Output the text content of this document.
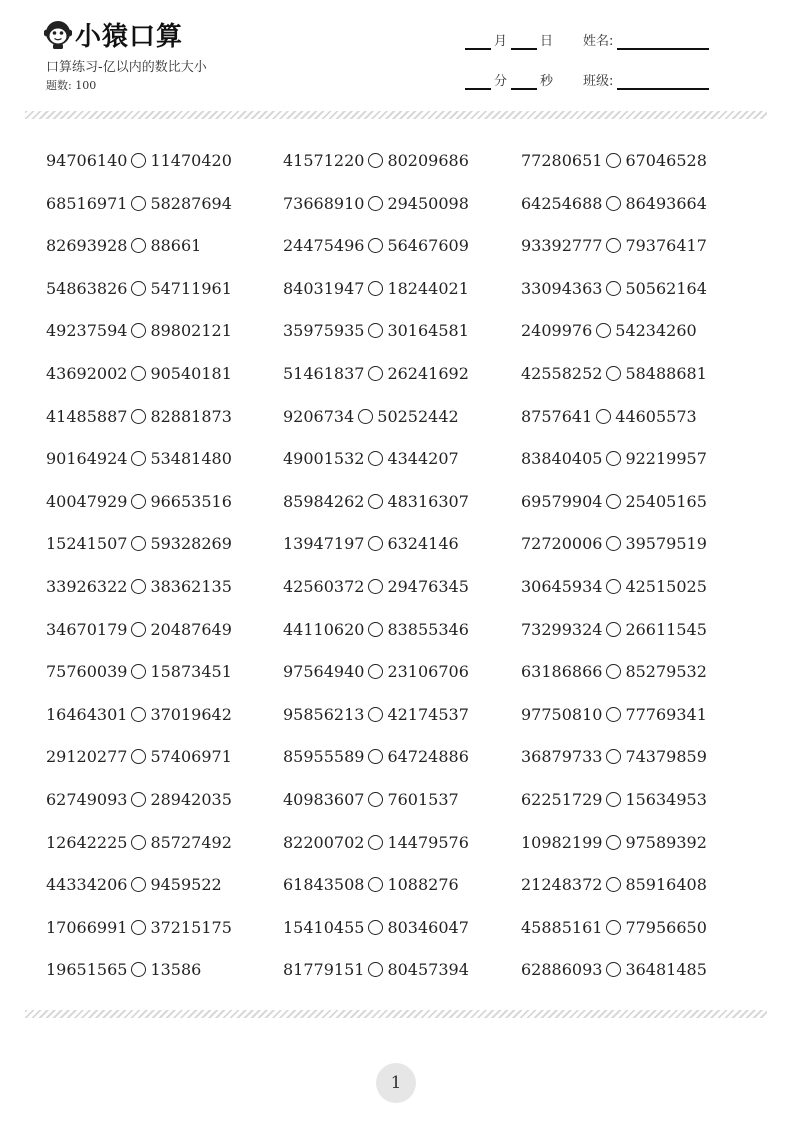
小猿口算
口算练习-亿以内的数比大小
题数: 100
月	日 姓名:
分	秒 班级:
94706140 11470420	41571220 80209686	77280651 67046528
68516971 58287694	73668910 29450098	64254688 86493664
82693928 88661	24475496 56467609	93392777 79376417
54863826 54711961	84031947 18244021	33094363 50562164
49237594 89802121	35975935 30164581	2409976 54234260
43692002 90540181	51461837 26241692	42558252 58488681
41485887 82881873	9206734 50252442	8757641 44605573
90164924 53481480	49001532 4344207	83840405 92219957
40047929 96653516	85984262 48316307	69579904 25405165
15241507 59328269	13947197 6324146	72720006 39579519
33926322 38362135	42560372 29476345	30645934 42515025
34670179 20487649	44110620 83855346	73299324 26611545
75760039 15873451	97564940 23106706	63186866 85279532
16464301 37019642	95856213 42174537	97750810 77769341
29120277 57406971	85955589 64724886	36879733 74379859
62749093 28942035	40983607 7601537	62251729 15634953
12642225 85727492	82200702 14479576	10982199 97589392
44334206 9459522	61843508 1088276	21248372 85916408
17066991 37215175	15410455 80346047	45885161 77956650
19651565 13586	81779151 80457394	62886093 36481485
1
